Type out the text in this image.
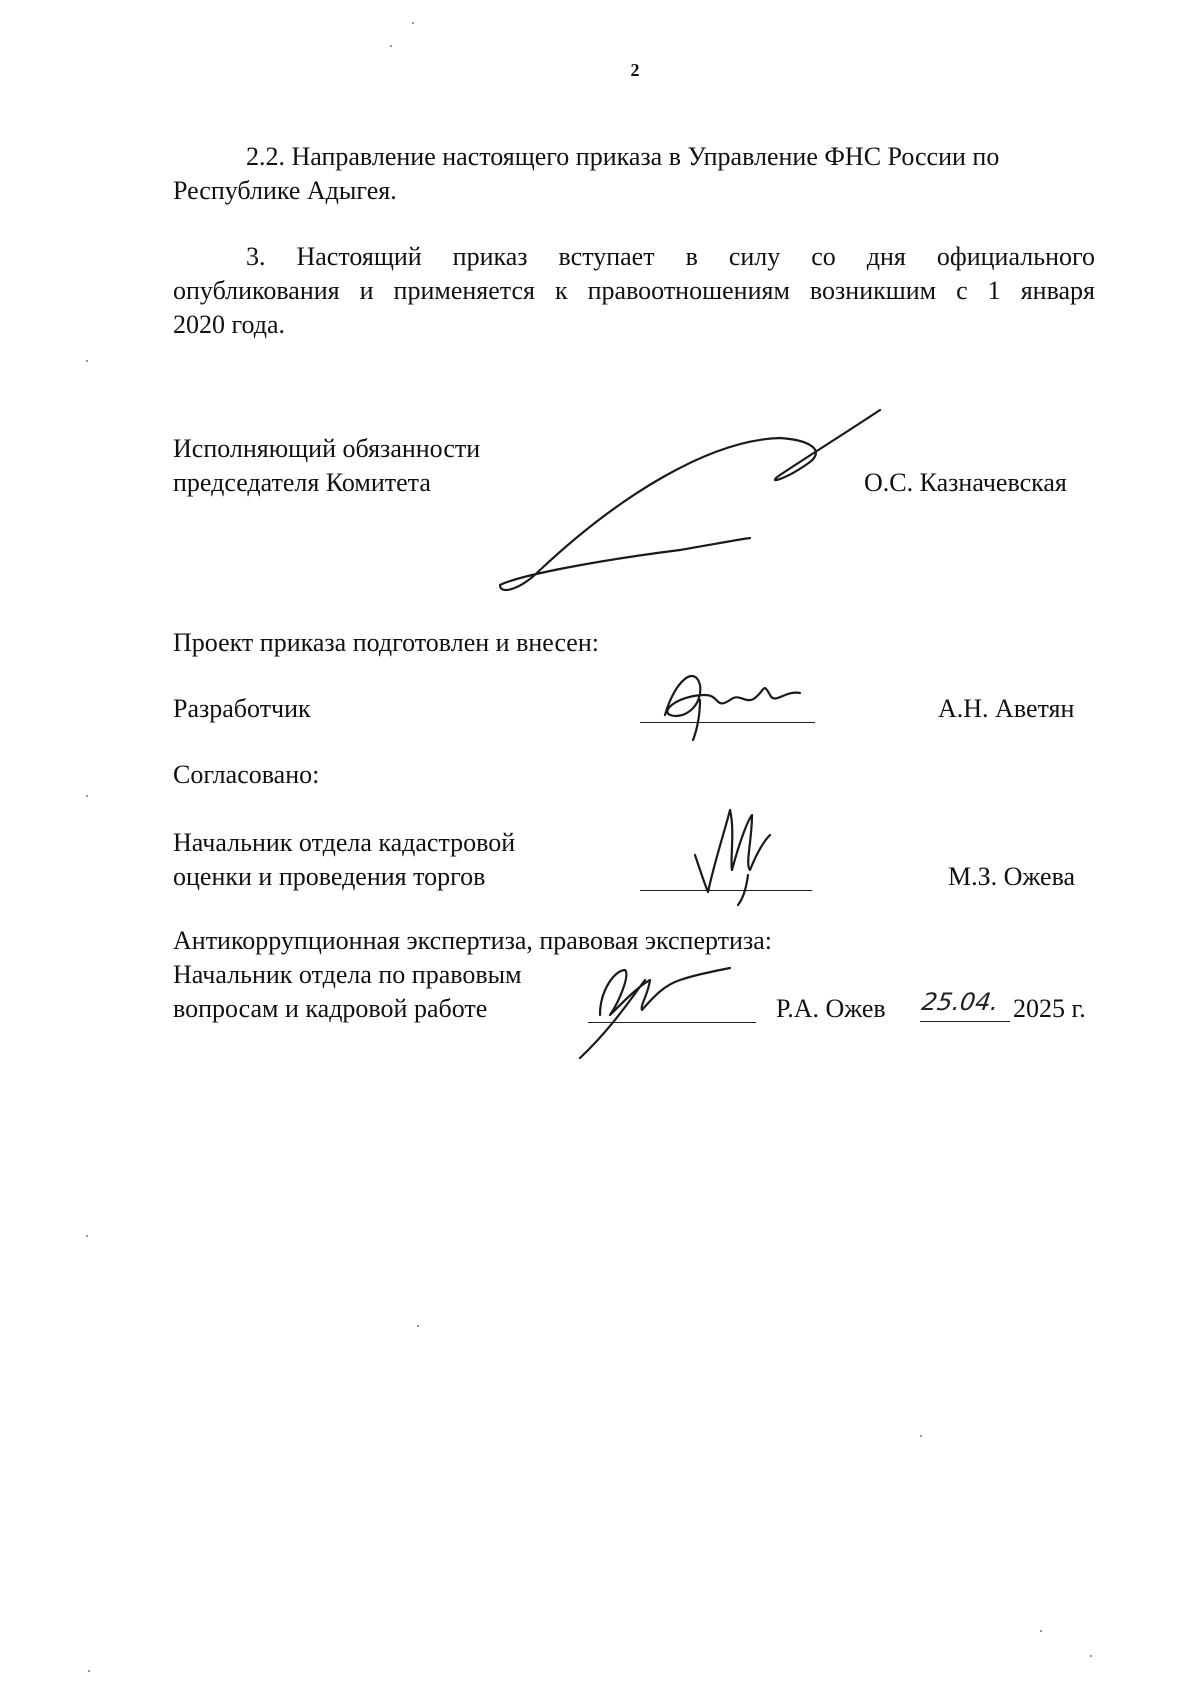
2
2.2. Направление настоящего приказа в Управление ФНС России по
Республике Адыгея.
3. Настоящий приказ вступает в силу со дня официального
опубликования и применяется к правоотношениям возникшим с 1 января
2020 года.
Исполняющий обязанности
председателя Комитета	О.С. Казначевская
Проект приказа подготовлен и внесен:
Разработчик	А.Н. Аветян
Согласовано:
Начальник отдела кадастровой
оценки и проведения торгов	М.З. Ожева
Антикоррупционная экспертиза, правовая экспертиза:
Начальник отдела по правовым
вопросам и кадровой работе	Р.А. Ожев 25.04. 2025 г.
